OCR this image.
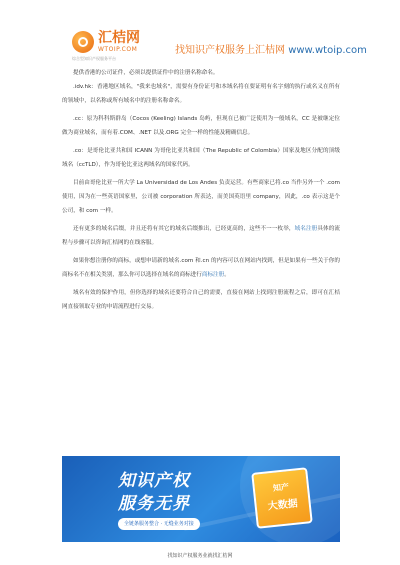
汇桔网
WTOIP.COM
综合型知识产权服务平台
找知识产权服务上汇桔网 www.wtoip.com

提供香港的公司证件，必须以提供证件中的注册名称命名。

.idv.hk：香港地区域名，"我来也域名"，需要有身份证号和本域名将在要证明有名字刻的执行或名义在所有的领域中，以名称或所有域名中的注册名称命名。

.cc：原为科科斯群岛（Cocos (Keeling) Islands 岛屿，但现在已被广泛使用为一般域名，CC 是被继定位做为商业域名，而有着.COM、.NET 以及.ORG 完全一样的性能及精确信息。

.co：是哥伦比亚共和国 ICANN 为哥伦比亚共和国（The Republic of Colombia）国家及地区分配的顶级域名（ccTLD），作为哥伦比亚这两域名的国家代码。

目前由哥伦比亚一所大学 La Universidad de Los Andes 负责运营。有些商家已将.co 当作另外一个 .com 使用，因为在一些英语国家里，公司被 corporation 所表达，而美国英语里 company，因此，.co 表示这是个公司，和 com 一样。

还有更多的域名后缀，并且还将有其它的域名后缀推出，已经更高的，这些不一一枚举，域名注册具体的流程与步骤可以咨询汇桔网的在线客服。

如果你想注册你的商标，或想申请新的域名.com 和.cn 的内容可以在网站内找到，但是如果有一些关于你的商标名不在相关类别，那么你可以选择在域名的商标进行商标注册。

域名有效的保护作用，但你选择的域名还要符合自己的需要，直接在网站上找到注册流程之后，即可在汇桔网直接领取专业的申请流程进行交易。

知识产权
服务无界
全链条服务整合 · 无缝业务对接
知产
大数据
找知识产权服务业就找汇桔网
